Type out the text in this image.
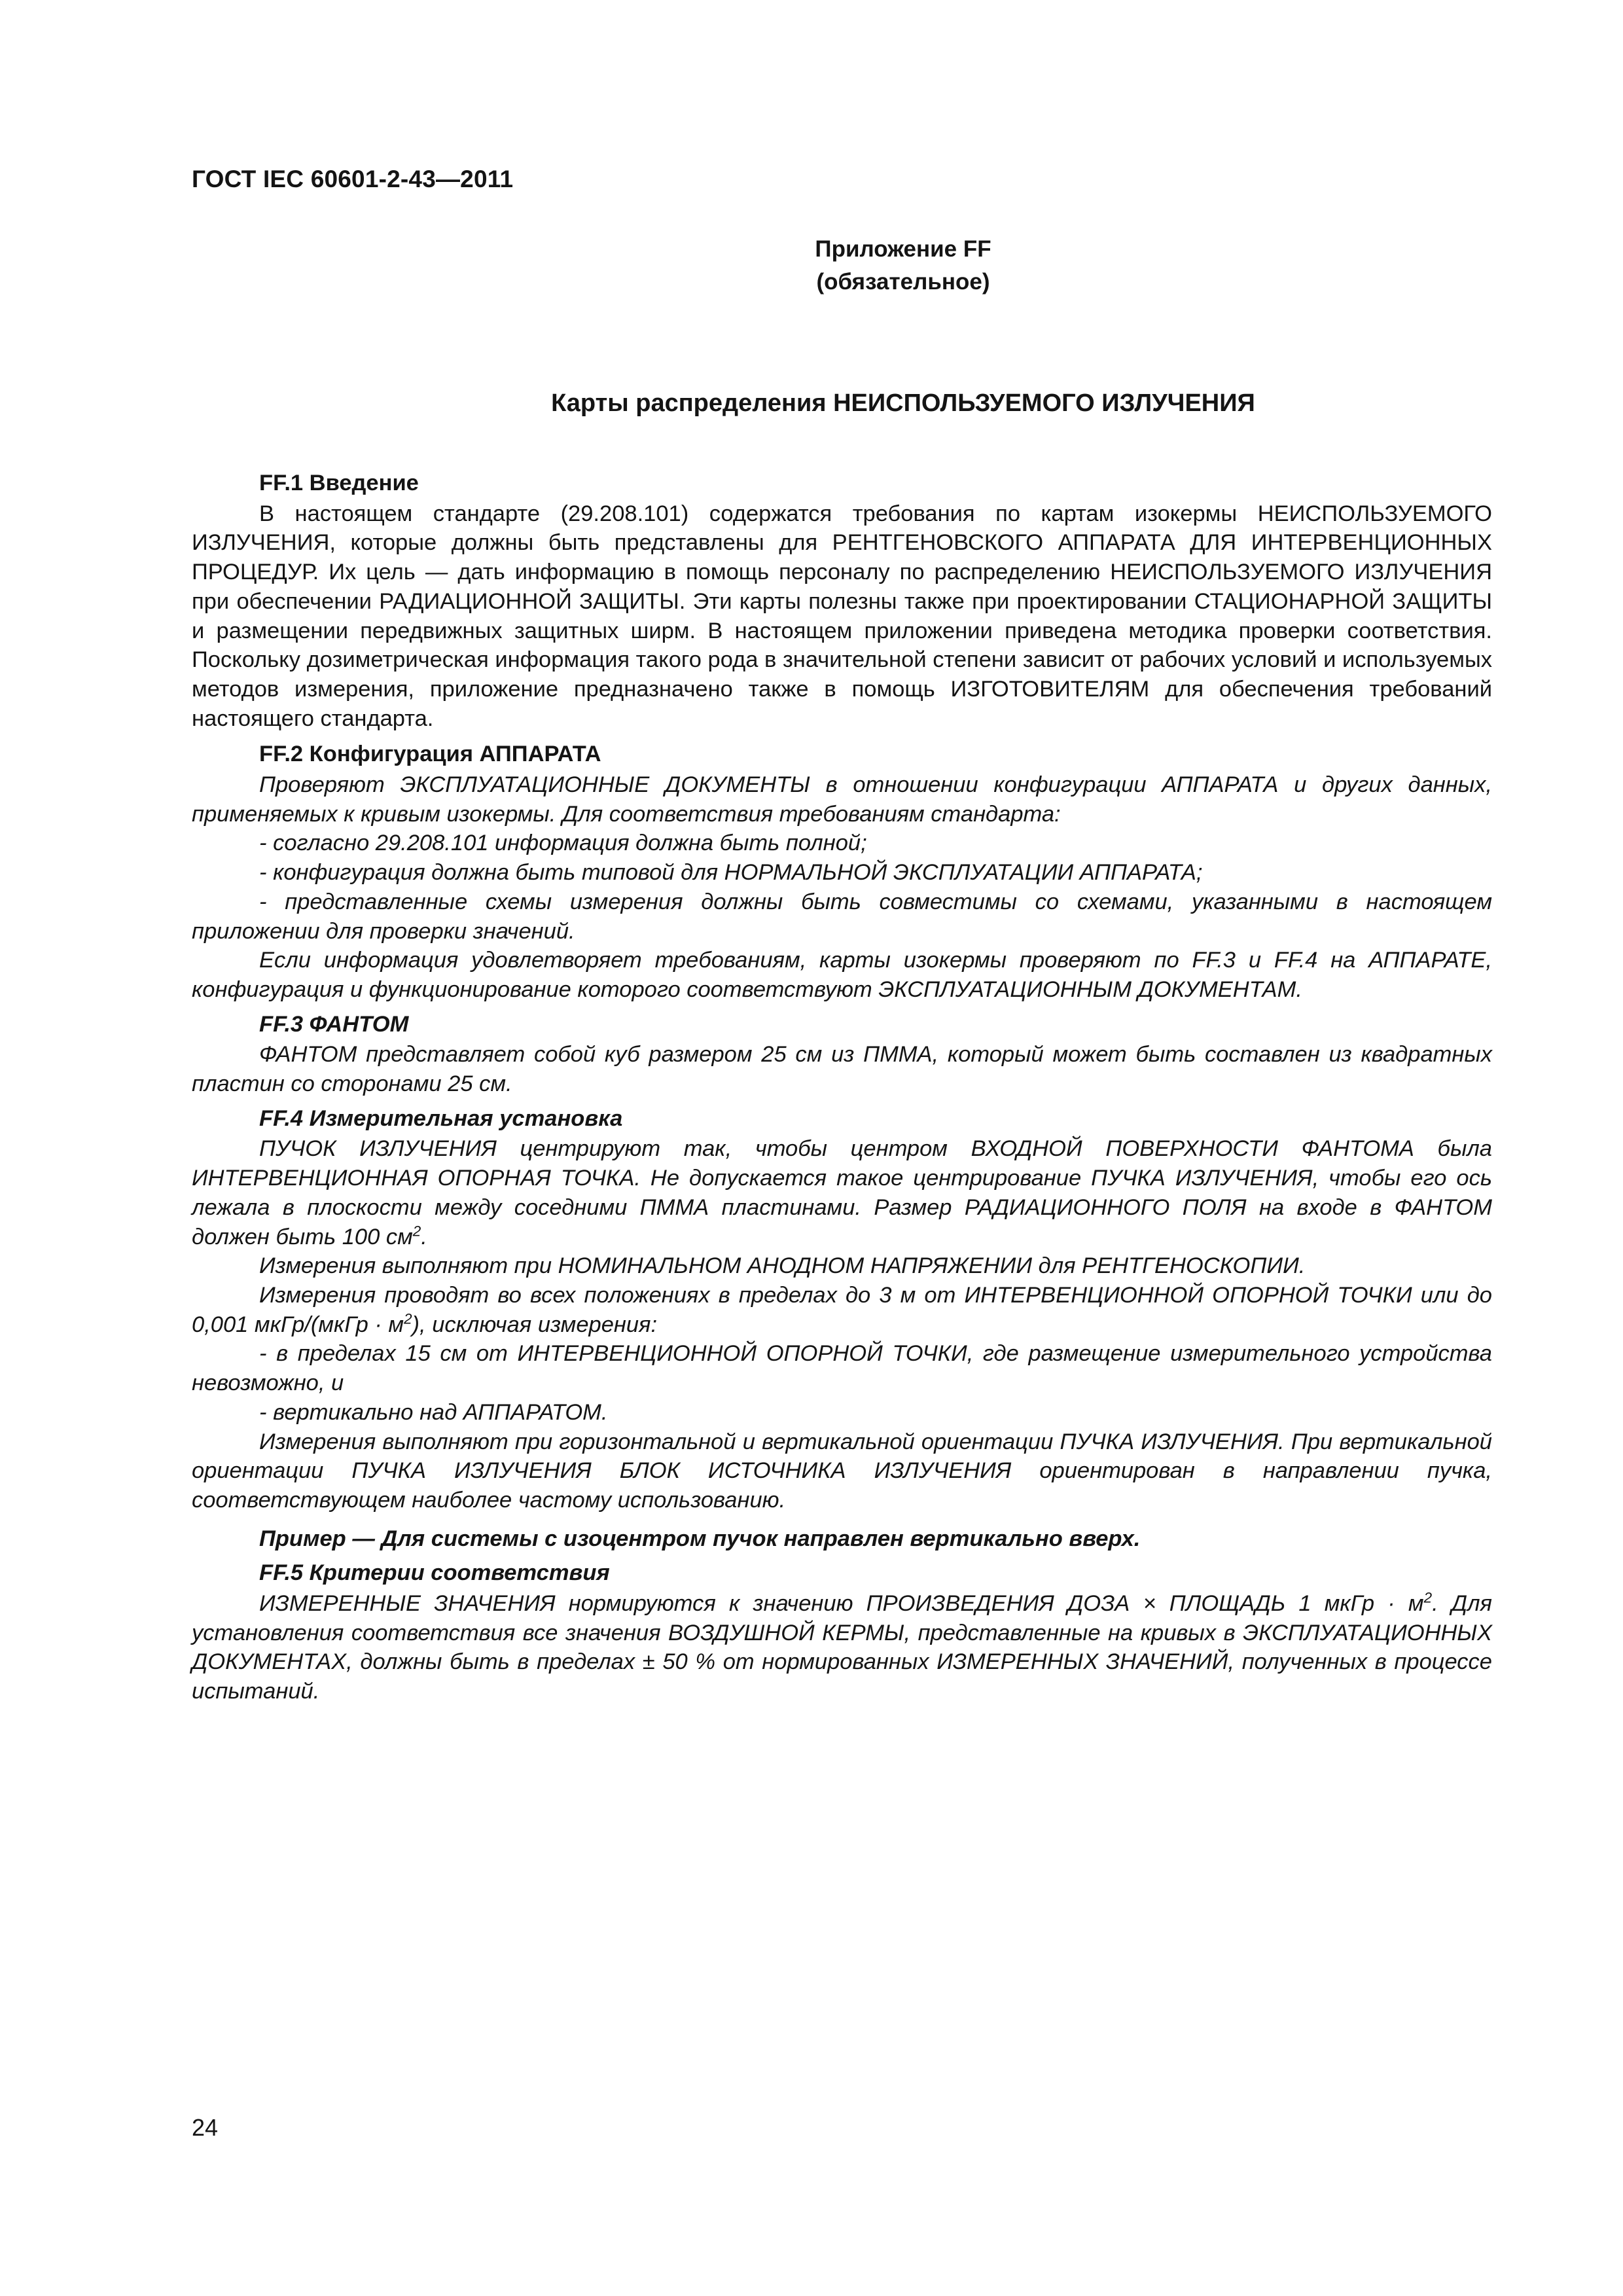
ГОСТ IEC 60601-2-43—2011
Приложение FF
(обязательное)
Карты распределения НЕИСПОЛЬЗУЕМОГО ИЗЛУЧЕНИЯ
FF.1 Введение

В настоящем стандарте (29.208.101) содержатся требования по картам изокермы НЕИСПОЛЬЗУЕМОГО ИЗЛУЧЕНИЯ, которые должны быть представлены для РЕНТГЕНОВСКОГО АППАРАТА ДЛЯ ИНТЕРВЕНЦИОННЫХ ПРОЦЕДУР. Их цель — дать информацию в помощь персоналу по распределению НЕИСПОЛЬЗУЕМОГО ИЗЛУЧЕНИЯ при обеспечении РАДИАЦИОННОЙ ЗАЩИТЫ. Эти карты полезны также при проектировании СТАЦИОНАРНОЙ ЗАЩИТЫ и размещении передвижных защитных ширм. В настоящем приложении приведена методика проверки соответствия. Поскольку дозиметрическая информация такого рода в значительной степени зависит от рабочих условий и используемых методов измерения, приложение предназначено также в помощь ИЗГОТОВИТЕЛЯМ для обеспечения требований настоящего стандарта.

FF.2 Конфигурация АППАРАТА

Проверяют ЭКСПЛУАТАЦИОННЫЕ ДОКУМЕНТЫ в отношении конфигурации АППАРАТА и других данных, применяемых к кривым изокермы. Для соответствия требованиям стандарта:

- согласно 29.208.101 информация должна быть полной;

- конфигурация должна быть типовой для НОРМАЛЬНОЙ ЭКСПЛУАТАЦИИ АППАРАТА;

- представленные схемы измерения должны быть совместимы со схемами, указанными в настоящем приложении для проверки значений.

Если информация удовлетворяет требованиям, карты изокермы проверяют по FF.3 и FF.4 на АППАРАТЕ, конфигурация и функционирование которого соответствуют ЭКСПЛУАТАЦИОННЫМ ДОКУМЕНТАМ.

FF.3 ФАНТОМ

ФАНТОМ представляет собой куб размером 25 см из ПММА, который может быть составлен из квадратных пластин со сторонами 25 см.

FF.4 Измерительная установка

ПУЧОК ИЗЛУЧЕНИЯ центрируют так, чтобы центром ВХОДНОЙ ПОВЕРХНОСТИ ФАНТОМА была ИНТЕРВЕНЦИОННАЯ ОПОРНАЯ ТОЧКА. Не допускается такое центрирование ПУЧКА ИЗЛУЧЕНИЯ, чтобы его ось лежала в плоскости между соседними ПММА пластинами. Размер РАДИАЦИОННОГО ПОЛЯ на входе в ФАНТОМ должен быть 100 $см^2$.

Измерения выполняют при НОМИНАЛЬНОМ АНОДНОМ НАПРЯЖЕНИИ для РЕНТГЕНОСКОПИИ.

Измерения проводят во всех положениях в пределах до 3 м от ИНТЕРВЕНЦИОННОЙ ОПОРНОЙ ТОЧКИ или до 0,001 мкГр/(мкГр · $м^2$), исключая измерения:

- в пределах 15 см от ИНТЕРВЕНЦИОННОЙ ОПОРНОЙ ТОЧКИ, где размещение измерительного устройства невозможно, и

- вертикально над АППАРАТОМ.

Измерения выполняют при горизонтальной и вертикальной ориентации ПУЧКА ИЗЛУЧЕНИЯ. При вертикальной ориентации ПУЧКА ИЗЛУЧЕНИЯ БЛОК ИСТОЧНИКА ИЗЛУЧЕНИЯ ориентирован в направлении пучка, соответствующем наиболее частому использованию.

Пример — Для системы с изоцентром пучок направлен вертикально вверх.
FF.5 Критерии соответствия

ИЗМЕРЕННЫЕ ЗНАЧЕНИЯ нормируются к значению ПРОИЗВЕДЕНИЯ ДОЗА × ПЛОЩАДЬ 1 мкГр · $м^2$. Для установления соответствия все значения ВОЗДУШНОЙ КЕРМЫ, представленные на кривых в ЭКСПЛУАТАЦИОННЫХ ДОКУМЕНТАХ, должны быть в пределах ± 50 % от нормированных ИЗМЕРЕННЫХ ЗНАЧЕНИЙ, полученных в процессе испытаний.

24
